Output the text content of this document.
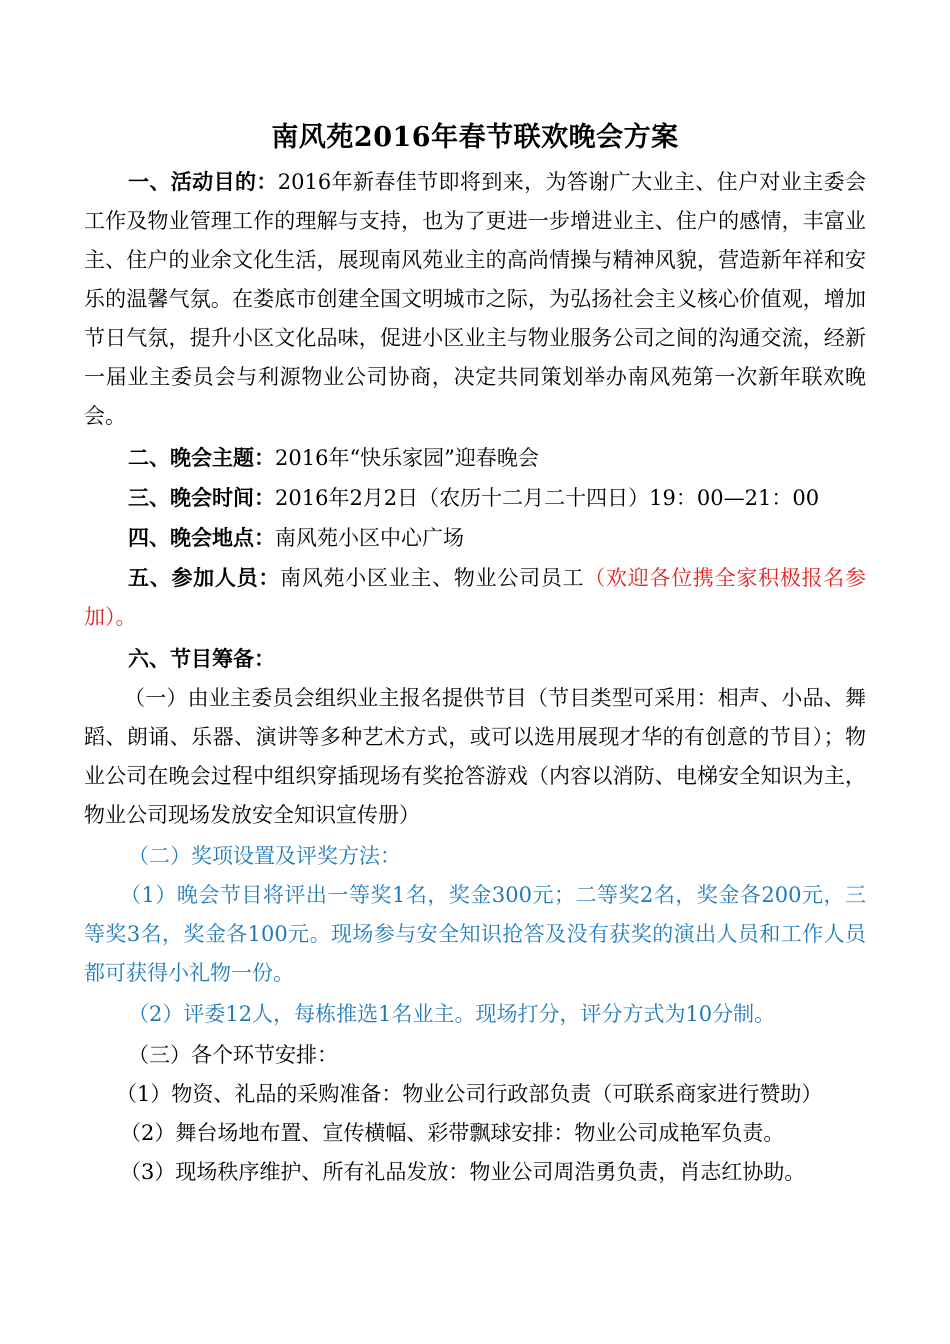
南风苑2016年春节联欢晚会方案

一、活动目的：2016年新春佳节即将到来，为答谢广大业主、住户对业主委会工作及物业管理工作的理解与支持，也为了更进一步增进业主、住户的感情，丰富业主、住户的业余文化生活，展现南风苑业主的高尚情操与精神风貌，营造新年祥和安乐的温馨气氛。在娄底市创建全国文明城市之际，为弘扬社会主义核心价值观，增加节日气氛，提升小区文化品味，促进小区业主与物业服务公司之间的沟通交流，经新一届业主委员会与利源物业公司协商，决定共同策划举办南风苑第一次新年联欢晚会。

二、晚会主题：2016年“快乐家园”迎春晚会

三、晚会时间：2016年2月2日（农历十二月二十四日）19：00—21：00

四、晚会地点：南风苑小区中心广场

五、参加人员：南风苑小区业主、物业公司员工（欢迎各位携全家积极报名参加）。

六、节目筹备：

（一）由业主委员会组织业主报名提供节目（节目类型可采用：相声、小品、舞蹈、朗诵、乐器、演讲等多种艺术方式，或可以选用展现才华的有创意的节目）；物业公司在晚会过程中组织穿插现场有奖抢答游戏（内容以消防、电梯安全知识为主，物业公司现场发放安全知识宣传册）

（二）奖项设置及评奖方法：

（1）晚会节目将评出一等奖1名，奖金300元；二等奖2名，奖金各200元，三等奖3名，奖金各100元。现场参与安全知识抢答及没有获奖的演出人员和工作人员都可获得小礼物一份。

（2）评委12人，每栋推选1名业主。现场打分，评分方式为10分制。

（三）各个环节安排：

（1）物资、礼品的采购准备：物业公司行政部负责（可联系商家进行赞助）

（2）舞台场地布置、宣传横幅、彩带飘球安排：物业公司成艳军负责。

（3）现场秩序维护、所有礼品发放：物业公司周浩勇负责，肖志红协助。
